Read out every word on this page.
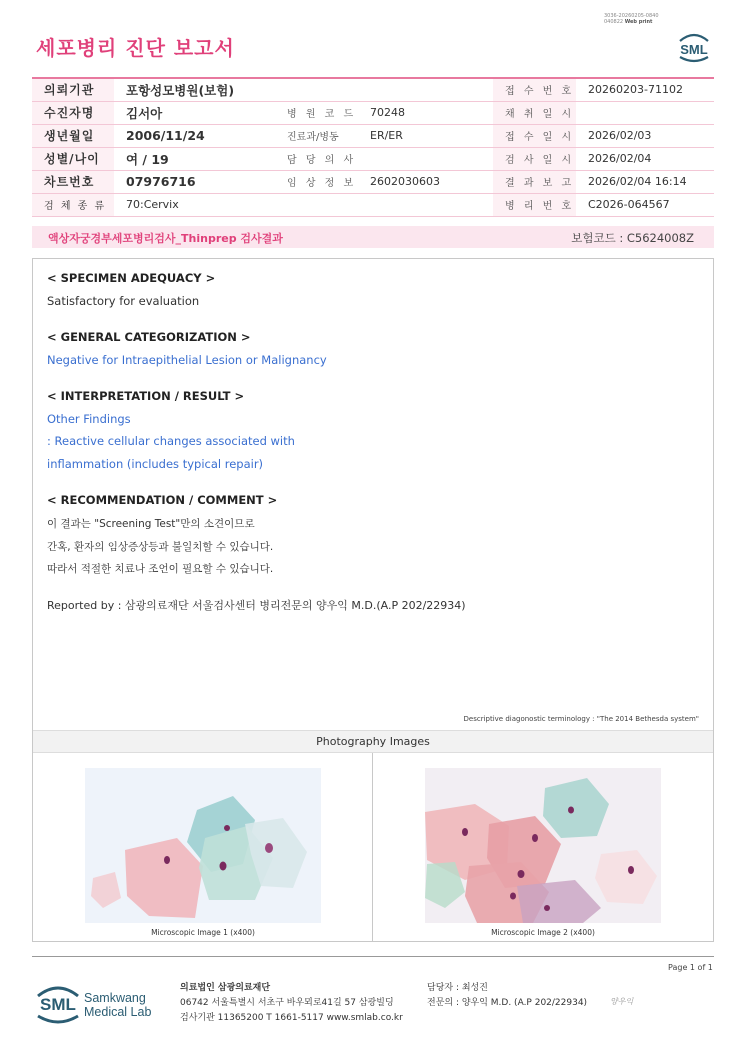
3036-20260205-0840
040822 Web print
세포병리 진단 보고서	SML
의뢰기관	포항성모병원(보험)			접 수 번 호	20260203-71102
수진자명	김서아	병 원 코 드	70248	채 취 일 시	
생년월일	2006/11/24	진료과/병동	ER/ER	접 수 일 시	2026/02/03
성별/나이	여 / 19	담 당 의 사		검 사 일 시	2026/02/04
차트번호	07976716	임 상 정 보	2602030603	결 과 보 고	2026/02/04 16:14
검 체 종 류	70:Cervix			병 리 번 호	C2026-064567
액상자궁경부세포병리검사_Thinprep 검사결과	보험코드 : C5624008Z
< SPECIMEN ADEQUACY >
Satisfactory for evaluation
< GENERAL CATEGORIZATION >
Negative for Intraepithelial Lesion or Malignancy
< INTERPRETATION / RESULT >
Other Findings
: Reactive cellular changes associated with
inflammation (includes typical repair)
< RECOMMENDATION / COMMENT >
이 결과는 "Screening Test"만의 소견이므로
간혹, 환자의 임상증상등과 불일치할 수 있습니다.
따라서 적절한 치료나 조언이 필요할 수 있습니다.
Reported by : 삼광의료재단 서울검사센터 병리전문의 양우익 M.D.(A.P 202/22934)
Descriptive diagonostic terminology : "The 2014 Bethesda system"
Photography Images
Microscopic Image 1 (x400)	Microscopic Image 2 (x400)
Page 1 of 1
SML Samkwang
Medical Lab
의료법인 삼광의료재단
06742 서울특별시 서초구 바우뫼로41길 57 삼광빌딩
검사기관 11365200 T 1661-5117 www.smlab.co.kr
담당자 : 최성진
전문의 : 양우익 M.D. (A.P 202/22934)	양우익
